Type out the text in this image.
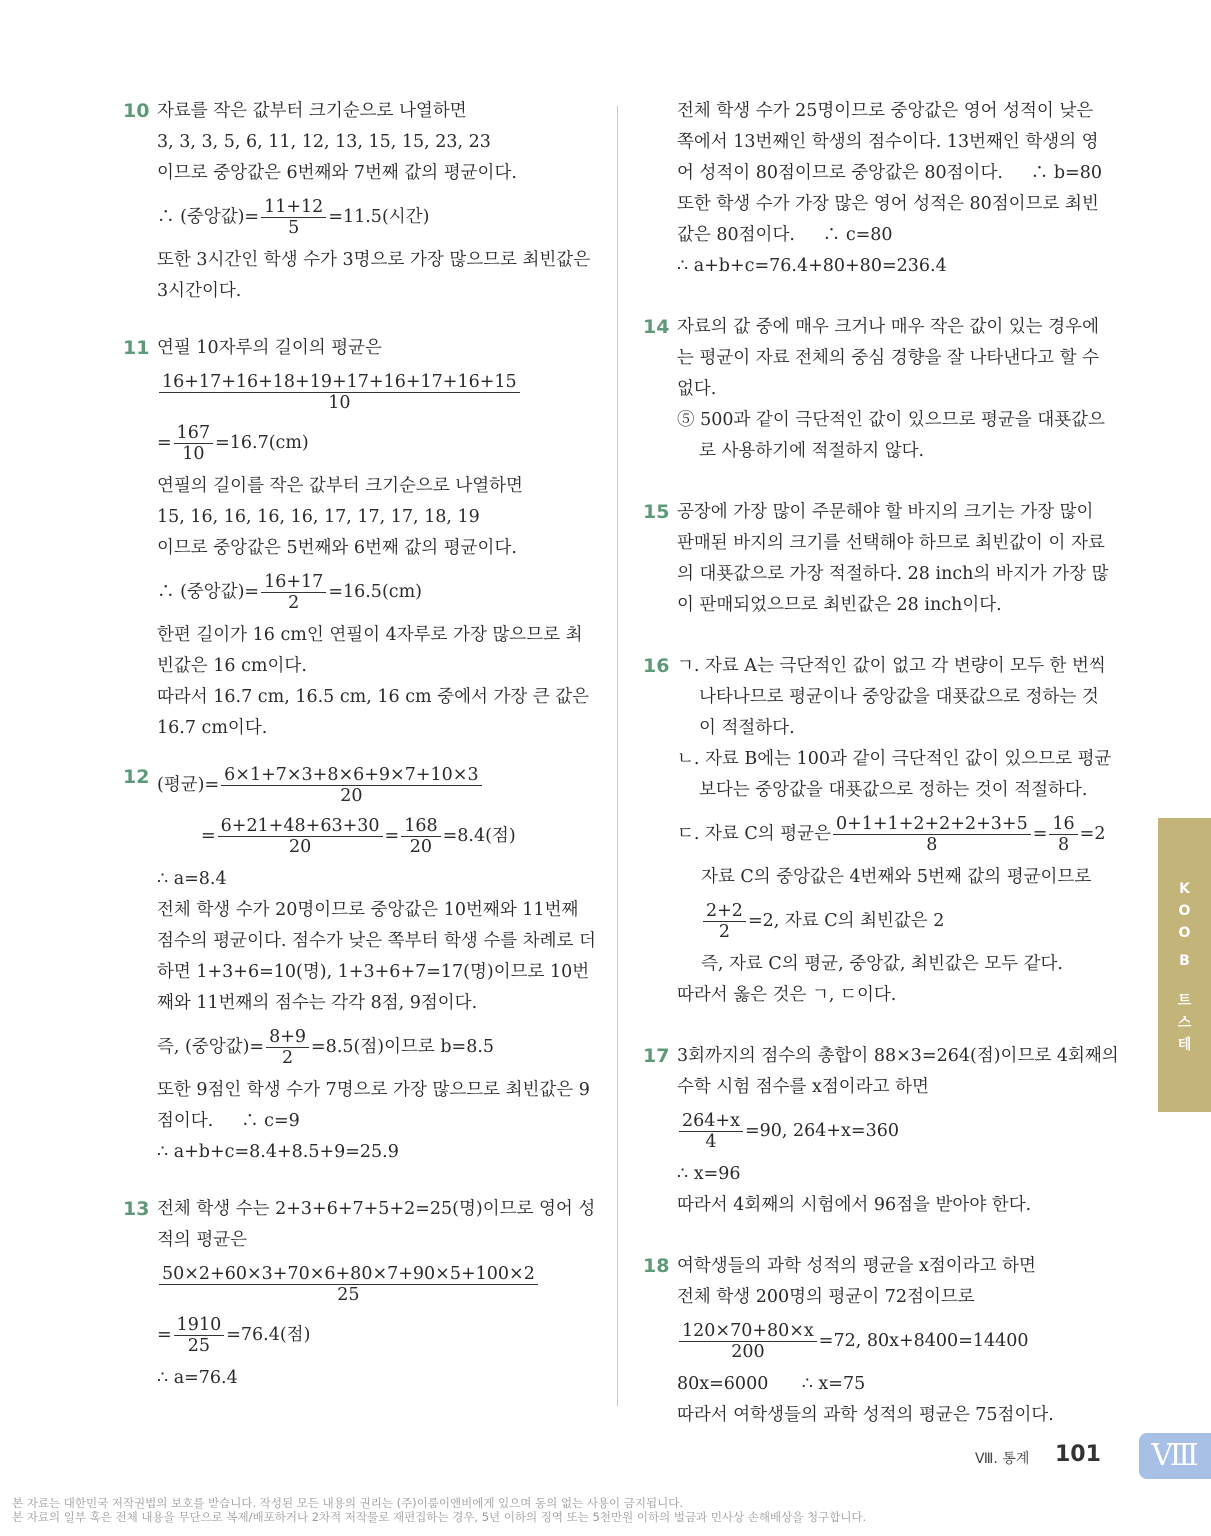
10 자료를 작은 값부터 크기순으로 나열하면
3, 3, 3, 5, 6, 11, 12, 13, 15, 15, 23, 23
이므로 중앙값은 6번째와 7번째 값의 평균이다.
∴ (중앙값)= $\frac{11+12}{5} =11.5$(시간)
또한 3시간인 학생 수가 3명으로 가장 많으므로 최빈값은
3시간이다.
11 연필 10자루의 길이의 평균은
$\frac{16+17+16+18+19+17+16+17+16+15}{10}$
= $\frac{167}{10} =16.7(cm)$
연필의 길이를 작은 값부터 크기순으로 나열하면
15, 16, 16, 16, 16, 17, 17, 17, 18, 19
이므로 중앙값은 5번째와 6번째 값의 평균이다.
∴ (중앙값)= $\frac{16+17}{2} =16.5(cm)$
한편 길이가 16 cm인 연필이 4자루로 가장 많으므로 최빈값은 16 cm이다.
따라서 16.7 cm, 16.5 cm, 16 cm 중에서 가장 큰 값은
16.7 cm이다.
12 (평균)= $\frac{6\times 1+7\times 3+8\times 6+9\times 7+10\times 3}{20}$
= $\frac{6+21+48+63+30}{20} = \frac{168}{20} =8.4$(점)
∴ a=8.4
전체 학생 수가 20명이므로 중앙값은 10번째와 11번째 점수의 평균이다. 점수가 낮은 쪽부터 학생 수를 차례로 더하면 1+3+6=10(명), 1+3+6+7=17(명)이므로 10번째와 11번째의 점수는 각각 8점, 9점이다.
즉, (중앙값)= $\frac{8+9}{2} =8.5$(점)이므로 b=8.5
또한 9점인 학생 수가 7명으로 가장 많으므로 최빈값은 9점이다. ∴ c=9
∴ a+b+c=8.4+8.5+9=25.9
13 전체 학생 수는 2+3+6+7+5+2=25(명)이므로 영어 성적의 평균은
$\frac{50\times 2+60\times 3+70\times 6+80\times 7+90\times 5+100\times 2}{25}$
= $\frac{1910}{25} =76.4$(점)
∴ a=76.4
전체 학생 수가 25명이므로 중앙값은 영어 성적이 낮은 쪽에서 13번째인 학생의 점수이다. 13번째인 학생의 영어 성적이 80점이므로 중앙값은 80점이다. ∴ b=80
또한 학생 수가 가장 많은 영어 성적은 80점이므로 최빈값은 80점이다. ∴ c=80
∴ a+b+c=76.4+80+80=236.4
14 자료의 값 중에 매우 크거나 매우 작은 값이 있는 경우에는 평균이 자료 전체의 중심 경향을 잘 나타낸다고 할 수 없다.
⑤ 500과 같이 극단적인 값이 있으므로 평균을 대푯값으로 사용하기에 적절하지 않다.
15 공장에 가장 많이 주문해야 할 바지의 크기는 가장 많이 판매된 바지의 크기를 선택해야 하므로 최빈값이 이 자료의 대푯값으로 가장 적절하다. 28 inch의 바지가 가장 많이 판매되었으므로 최빈값은 28 inch이다.
16 ㄱ. 자료 A는 극단적인 값이 없고 각 변량이 모두 한 번씩 나타나므로 평균이나 중앙값을 대푯값으로 정하는 것이 적절하다.
ㄴ. 자료 B에는 100과 같이 극단적인 값이 있으므로 평균보다는 중앙값을 대푯값으로 정하는 것이 적절하다.
ㄷ. 자료 C의 평균은 $\frac{0+1+1+2+2+2+3+5}{8} = \frac{16}{8} =2$
자료 C의 중앙값은 4번째와 5번째 값의 평균이므로
$\frac{2+2}{2} =2$, 자료 C의 최빈값은 2
즉, 자료 C의 평균, 중앙값, 최빈값은 모두 같다.
따라서 옳은 것은 ㄱ, ㄷ이다.
17 3회까지의 점수의 총합이 88×3=264(점)이므로 4회째의
수학 시험 점수를 x점이라고 하면
$\frac{264+x}{4} =90$, 264+x=360
∴ x=96
따라서 4회째의 시험에서 96점을 받아야 한다.
18 여학생들의 과학 성적의 평균을 x점이라고 하면
전체 학생 200명의 평균이 72점이므로
$\frac{120\times 70+80\times x}{200} =72$, 80x+8400=14400
80x=6000 ∴ x=75
따라서 여학생들의 과학 성적의 평균은 75점이다.
테
스
트
B
O
O
K
Ⅷ. 통계 101	Ⅷ
본 자료는 대한민국 저작권법의 보호를 받습니다. 작성된 모든 내용의 권리는 (주)이룸이앤비에게 있으며 동의 없는 사용이 금지됩니다.
본 자료의 일부 혹은 전체 내용을 무단으로 복제/배포하거나 2차적 저작물로 재편집하는 경우, 5년 이하의 징역 또는 5천만원 이하의 벌금과 민사상 손해배상을 청구합니다.
